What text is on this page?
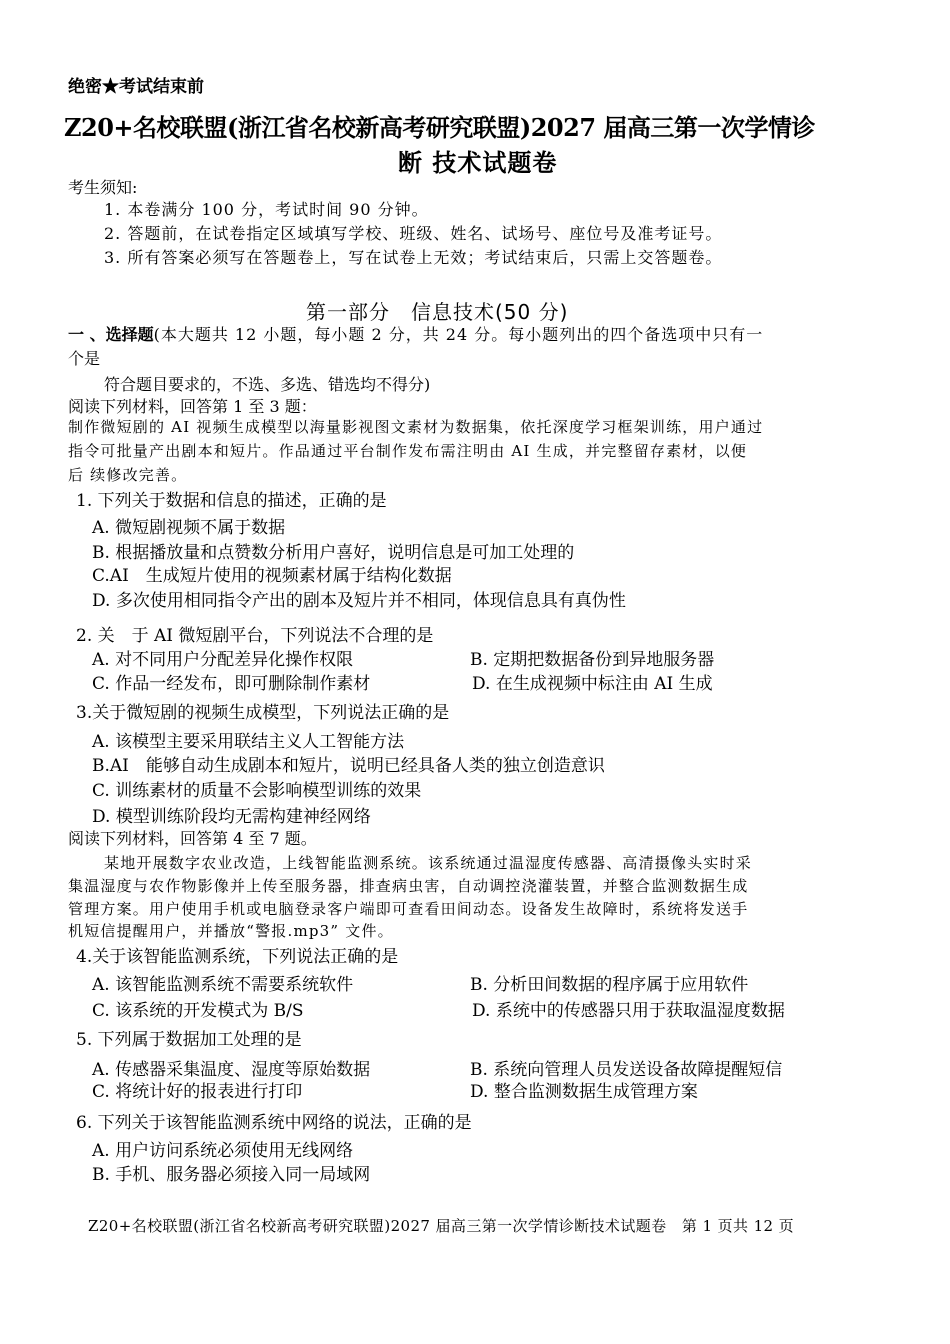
绝密★考试结束前
Z20+名校联盟(浙江省名校新高考研究联盟)2027 届高三第一次学情诊
断 技术试题卷
考生须知:
1. 本卷满分 100 分，考试时间 90 分钟。
2. 答题前，在试卷指定区域填写学校、班级、姓名、试场号、座位号及准考证号。
3. 所有答案必须写在答题卷上，写在试卷上无效；考试结束后，只需上交答题卷。
第一部分　信息技术(50 分)
一 、选择题(本大题共 12 小题，每小题 2 分，共 24 分。每小题列出的四个备选项中只有一
个是
符合题目要求的，不选、多选、错选均不得分)
阅读下列材料，回答第 1 至 3 题：
制作微短剧的 AI 视频生成模型以海量影视图文素材为数据集，依托深度学习框架训练，用户通过
指令可批量产出剧本和短片。作品通过平台制作发布需注明由 AI 生成，并完整留存素材，以便
后 续修改完善。
1. 下列关于数据和信息的描述，正确的是
A. 微短剧视频不属于数据
B. 根据播放量和点赞数分析用户喜好，说明信息是可加工处理的
C.AI　生成短片使用的视频素材属于结构化数据
D. 多次使用相同指令产出的剧本及短片并不相同，体现信息具有真伪性
2. 关　于 AI 微短剧平台，下列说法不合理的是
A. 对不同用户分配差异化操作权限	B. 定期把数据备份到异地服务器
C. 作品一经发布，即可删除制作素材	D. 在生成视频中标注由 AI 生成
3.关于微短剧的视频生成模型，下列说法正确的是
A. 该模型主要采用联结主义人工智能方法
B.AI　能够自动生成剧本和短片，说明已经具备人类的独立创造意识
C. 训练素材的质量不会影响模型训练的效果
D. 模型训练阶段均无需构建神经网络
阅读下列材料，回答第 4 至 7 题。
某地开展数字农业改造，上线智能监测系统。该系统通过温湿度传感器、高清摄像头实时采
集温湿度与农作物影像并上传至服务器，排查病虫害，自动调控浇灌装置，并整合监测数据生成
管理方案。用户使用手机或电脑登录客户端即可查看田间动态。设备发生故障时，系统将发送手
机短信提醒用户，并播放“警报.mp3” 文件。
4.关于该智能监测系统，下列说法正确的是
A. 该智能监测系统不需要系统软件	B. 分析田间数据的程序属于应用软件
C. 该系统的开发模式为 B/S	D. 系统中的传感器只用于获取温湿度数据
5. 下列属于数据加工处理的是
A. 传感器采集温度、湿度等原始数据	B. 系统向管理人员发送设备故障提醒短信
C. 将统计好的报表进行打印	D. 整合监测数据生成管理方案
6. 下列关于该智能监测系统中网络的说法，正确的是
A. 用户访问系统必须使用无线网络
B. 手机、服务器必须接入同一局域网
Z20+名校联盟(浙江省名校新高考研究联盟)2027 届高三第一次学情诊断技术试题卷　第 1 页共 12 页
